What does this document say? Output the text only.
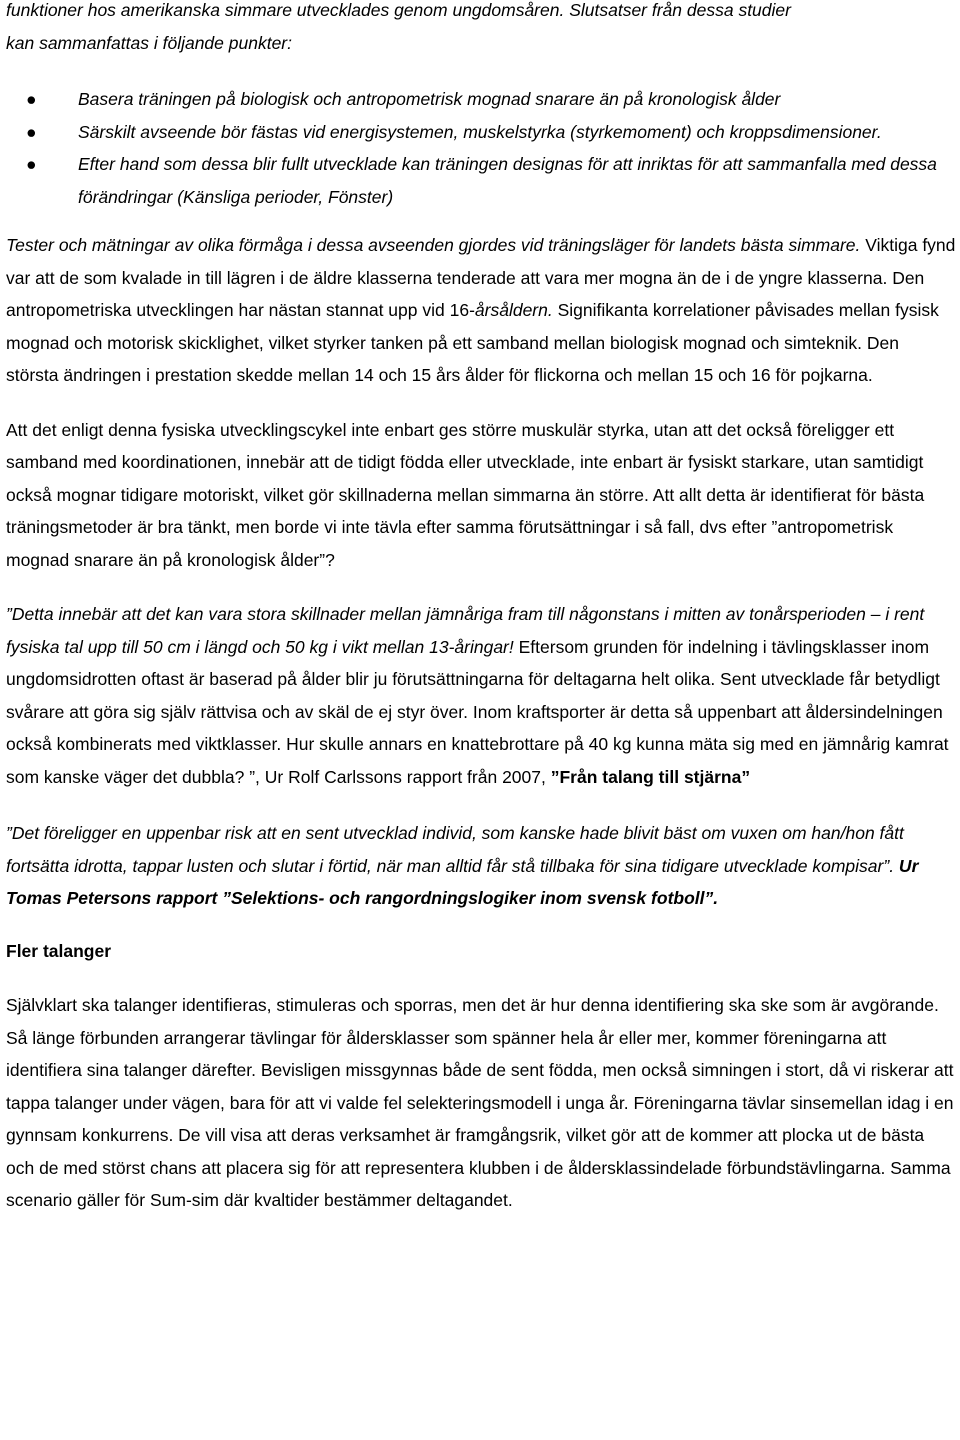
funktioner hos amerikanska simmare utvecklades genom ungdomsåren. Slutsatser från dessa studier
kan sammanfattas i följande punkter:

● Basera träningen på biologisk och antropometrisk mognad snarare än på kronologisk ålder
● Särskilt avseende bör fästas vid energisystemen, muskelstyrka (styrkemoment) och kroppsdimensioner.
● Efter hand som dessa blir fullt utvecklade kan träningen designas för att inriktas för att sammanfalla med dessa förändringar (Känsliga perioder, Fönster)

Tester och mätningar av olika förmåga i dessa avseenden gjordes vid träningsläger för landets bästa simmare. Viktiga fynd var att de som kvalade in till lägren i de äldre klasserna tenderade att vara mer mogna än de i de yngre klasserna. Den antropometriska utvecklingen har nästan stannat upp vid 16-årsåldern. Signifikanta korrelationer påvisades mellan fysisk mognad och motorisk skicklighet, vilket styrker tanken på ett samband mellan biologisk mognad och simteknik. Den största ändringen i prestation skedde mellan 14 och 15 års ålder för flickorna och mellan 15 och 16 för pojkarna.

Att det enligt denna fysiska utvecklingscykel inte enbart ges större muskulär styrka, utan att det också föreligger ett samband med koordinationen, innebär att de tidigt födda eller utvecklade, inte enbart är fysiskt starkare, utan samtidigt också mognar tidigare motoriskt, vilket gör skillnaderna mellan simmarna än större. Att allt detta är identifierat för bästa träningsmetoder är bra tänkt, men borde vi inte tävla efter samma förutsättningar i så fall, dvs efter ”antropometrisk mognad snarare än på kronologisk ålder”?

”Detta innebär att det kan vara stora skillnader mellan jämnåriga fram till någonstans i mitten av tonårsperioden – i rent fysiska tal upp till 50 cm i längd och 50 kg i vikt mellan 13-åringar! Eftersom grunden för indelning i tävlingsklasser inom ungdomsidrotten oftast är baserad på ålder blir ju förutsättningarna för deltagarna helt olika. Sent utvecklade får betydligt svårare att göra sig själv rättvisa och av skäl de ej styr över. Inom kraftsporter är detta så uppenbart att åldersindelningen också kombinerats med viktklasser. Hur skulle annars en knattebrottare på 40 kg kunna mäta sig med en jämnårig kamrat som kanske väger det dubbla? ”, Ur Rolf Carlssons rapport från 2007, ”Från talang till stjärna”

”Det föreligger en uppenbar risk att en sent utvecklad individ, som kanske hade blivit bäst om vuxen om han/hon fått fortsätta idrotta, tappar lusten och slutar i förtid, när man alltid får stå tillbaka för sina tidigare utvecklade kompisar”. Ur Tomas Petersons rapport ”Selektions- och rangordningslogiker inom svensk fotboll”.

Fler talanger

Självklart ska talanger identifieras, stimuleras och sporras, men det är hur denna identifiering ska ske som är avgörande. Så länge förbunden arrangerar tävlingar för åldersklasser som spänner hela år eller mer, kommer föreningarna att identifiera sina talanger därefter. Bevisligen missgynnas både de sent födda, men också simningen i stort, då vi riskerar att tappa talanger under vägen, bara för att vi valde fel selekteringsmodell i unga år. Föreningarna tävlar sinsemellan idag i en gynnsam konkurrens. De vill visa att deras verksamhet är framgångsrik, vilket gör att de kommer att plocka ut de bästa och de med störst chans att placera sig för att representera klubben i de åldersklassindelade förbundstävlingarna. Samma scenario gäller för Sum-sim där kvaltider bestämmer deltagandet.
